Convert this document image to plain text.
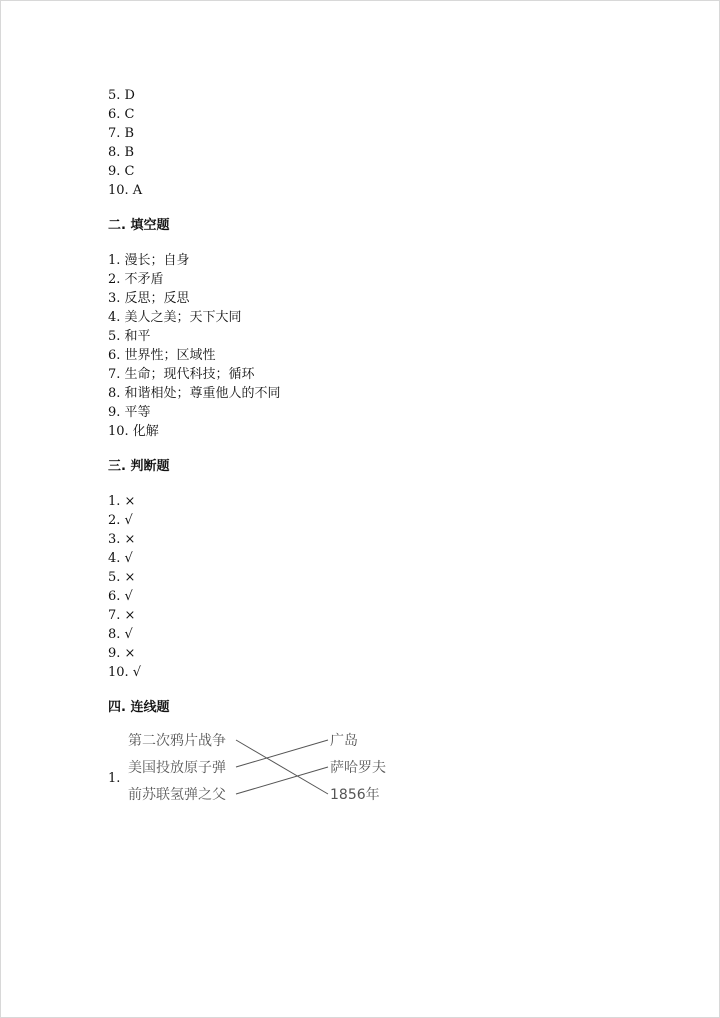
5. D
6. C
7. B
8. B
9. C
10. A
二. 填空题
1. 漫长；自身
2. 不矛盾
3. 反思；反思
4. 美人之美；天下大同
5. 和平
6. 世界性；区域性
7. 生命；现代科技；循环
8. 和谐相处；尊重他人的不同
9. 平等
10. 化解
三. 判断题
1. ×
2. √
3. ×
4. √
5. ×
6. √
7. ×
8. √
9. ×
10. √
四. 连线题
1.
第二次鸦片战争
美国投放原子弹
前苏联氢弹之父
广岛
萨哈罗夫
1856年
